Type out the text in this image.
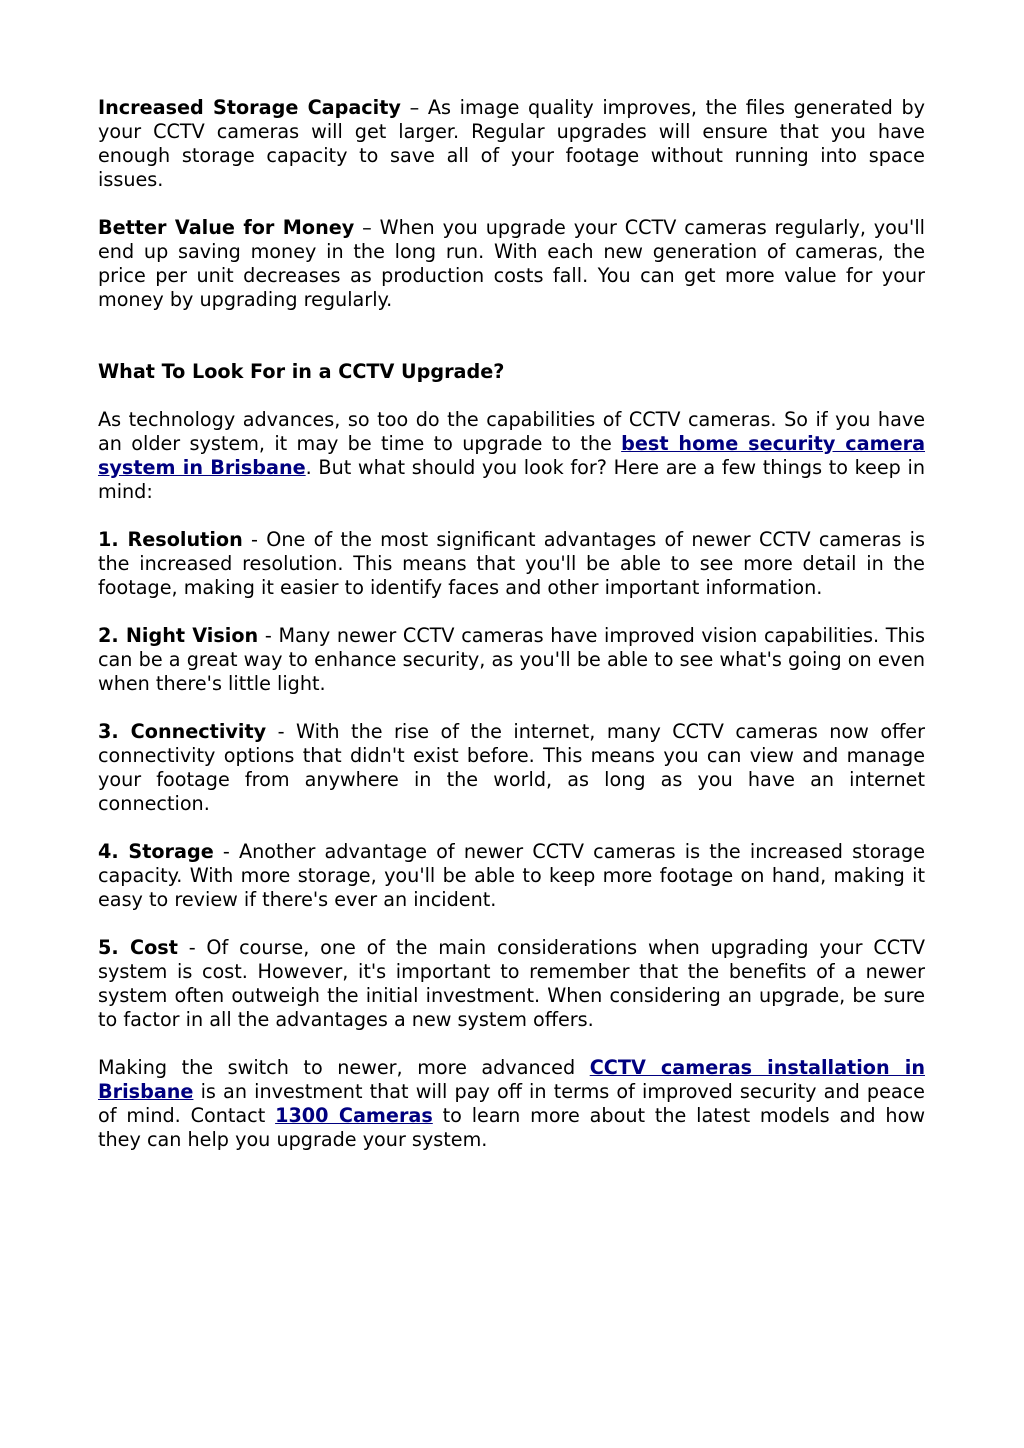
Increased Storage Capacity – As image quality improves, the files generated by your CCTV cameras will get larger. Regular upgrades will ensure that you have enough storage capacity to save all of your footage without running into space issues.

Better Value for Money – When you upgrade your CCTV cameras regularly, you'll end up saving money in the long run. With each new generation of cameras, the price per unit decreases as production costs fall. You can get more value for your money by upgrading regularly.

What To Look For in a CCTV Upgrade?

As technology advances, so too do the capabilities of CCTV cameras. So if you have an older system, it may be time to upgrade to the best home security camera system in Brisbane. But what should you look for? Here are a few things to keep in mind:

1. Resolution - One of the most significant advantages of newer CCTV cameras is the increased resolution. This means that you'll be able to see more detail in the footage, making it easier to identify faces and other important information.

2. Night Vision - Many newer CCTV cameras have improved vision capabilities. This can be a great way to enhance security, as you'll be able to see what's going on even when there's little light.

3. Connectivity - With the rise of the internet, many CCTV cameras now offer connectivity options that didn't exist before. This means you can view and manage your footage from anywhere in the world, as long as you have an internet connection.

4. Storage - Another advantage of newer CCTV cameras is the increased storage capacity. With more storage, you'll be able to keep more footage on hand, making it easy to review if there's ever an incident.

5. Cost - Of course, one of the main considerations when upgrading your CCTV system is cost. However, it's important to remember that the benefits of a newer system often outweigh the initial investment. When considering an upgrade, be sure to factor in all the advantages a new system offers.

Making the switch to newer, more advanced CCTV cameras installation in Brisbane is an investment that will pay off in terms of improved security and peace of mind. Contact 1300 Cameras to learn more about the latest models and how they can help you upgrade your system.
